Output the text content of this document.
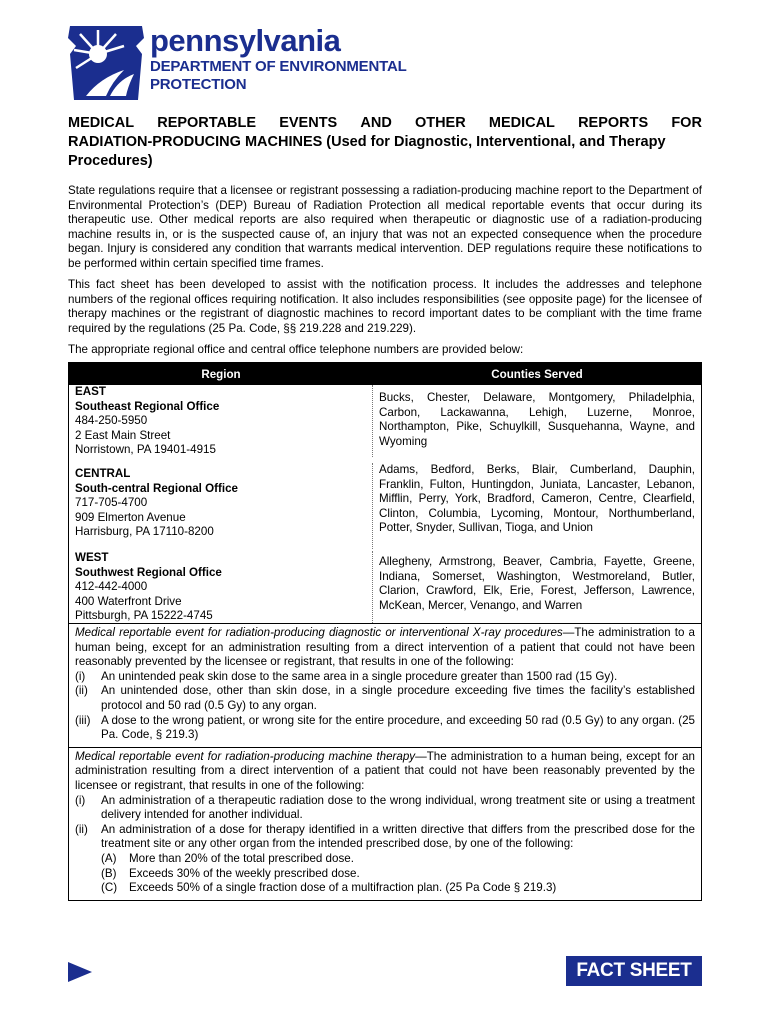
pennsylvania
DEPARTMENT OF ENVIRONMENTAL
PROTECTION
MEDICAL REPORTABLE EVENTS AND OTHER MEDICAL REPORTS FOR
RADIATION-PRODUCING MACHINES (Used for Diagnostic, Interventional, and Therapy
Procedures)
State regulations require that a licensee or registrant possessing a radiation-producing machine report to the Department of Environmental Protection’s (DEP) Bureau of Radiation Protection all medical reportable events that occur during its therapeutic use. Other medical reports are also required when therapeutic or diagnostic use of a radiation-producing machine results in, or is the suspected cause of, an injury that was not an expected consequence when the procedure began. Injury is considered any condition that warrants medical intervention. DEP regulations require these notifications to be performed within certain specified time frames.
This fact sheet has been developed to assist with the notification process. It includes the addresses and telephone numbers of the regional offices requiring notification. It also includes responsibilities (see opposite page) for the licensee of therapy machines or the registrant of diagnostic machines to record important dates to be compliant with the time frame required by the regulations (25 Pa. Code, §§ 219.228 and 219.229).
The appropriate regional office and central office telephone numbers are provided below:
Region	Counties Served
EAST
Southeast Regional Office
484-250-5950
2 East Main Street
Norristown, PA 19401-4915
Bucks, Chester, Delaware, Montgomery, Philadelphia, Carbon, Lackawanna, Lehigh, Luzerne, Monroe, Northampton, Pike, Schuylkill, Susquehanna, Wayne, and Wyoming
CENTRAL
South-central Regional Office
717-705-4700
909 Elmerton Avenue
Harrisburg, PA 17110-8200
Adams, Bedford, Berks, Blair, Cumberland, Dauphin, Franklin, Fulton, Huntingdon, Juniata, Lancaster, Lebanon, Mifflin, Perry, York, Bradford, Cameron, Centre, Clearfield, Clinton, Columbia, Lycoming, Montour, Northumberland, Potter, Snyder, Sullivan, Tioga, and Union
WEST
Southwest Regional Office
412-442-4000
400 Waterfront Drive
Pittsburgh, PA 15222-4745
Allegheny, Armstrong, Beaver, Cambria, Fayette, Greene, Indiana, Somerset, Washington, Westmoreland, Butler, Clarion, Crawford, Elk, Erie, Forest, Jefferson, Lawrence, McKean, Mercer, Venango, and Warren

Medical reportable event for radiation-producing diagnostic or interventional X-ray procedures—The administration to a human being, except for an administration resulting from a direct intervention of a patient that could not have been reasonably prevented by the licensee or registrant, that results in one of the following:

(i)	An unintended peak skin dose to the same area in a single procedure greater than 1500 rad (15 Gy).
(ii)	An unintended dose, other than skin dose, in a single procedure exceeding five times the facility’s established protocol and 50 rad (0.5 Gy) to any organ.
(iii) A dose to the wrong patient, or wrong site for the entire procedure, and exceeding 50 rad (0.5 Gy) to any organ. (25 Pa. Code, § 219.3)

Medical reportable event for radiation-producing machine therapy—The administration to a human being, except for an administration resulting from a direct intervention of a patient that could not have been reasonably prevented by the licensee or registrant, that results in one of the following:

(i)	An administration of a therapeutic radiation dose to the wrong individual, wrong treatment site or using a treatment delivery intended for another individual.
(ii)	An administration of a dose for therapy identified in a written directive that differs from the prescribed dose for the treatment site or any other organ from the intended prescribed dose, by one of the following:
(A)	More than 20% of the total prescribed dose.
(B)	Exceeds 30% of the weekly prescribed dose.
(C)	Exceeds 50% of a single fraction dose of a multifraction plan. (25 Pa Code § 219.3)
FACT SHEET
